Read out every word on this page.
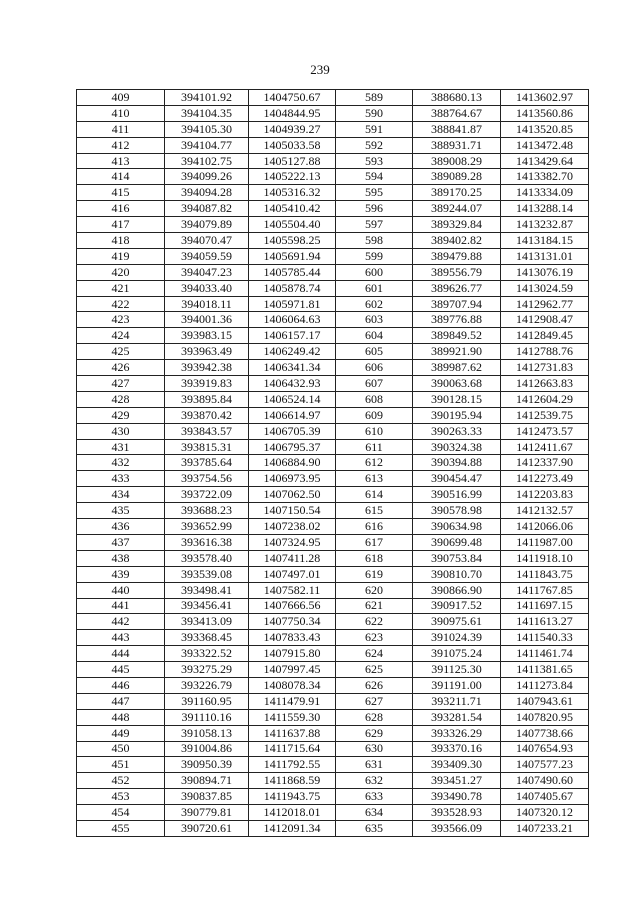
239
409	394101.92	1404750.67	589	388680.13	1413602.97
410	394104.35	1404844.95	590	388764.67	1413560.86
411	394105.30	1404939.27	591	388841.87	1413520.85
412	394104.77	1405033.58	592	388931.71	1413472.48
413	394102.75	1405127.88	593	389008.29	1413429.64
414	394099.26	1405222.13	594	389089.28	1413382.70
415	394094.28	1405316.32	595	389170.25	1413334.09
416	394087.82	1405410.42	596	389244.07	1413288.14
417	394079.89	1405504.40	597	389329.84	1413232.87
418	394070.47	1405598.25	598	389402.82	1413184.15
419	394059.59	1405691.94	599	389479.88	1413131.01
420	394047.23	1405785.44	600	389556.79	1413076.19
421	394033.40	1405878.74	601	389626.77	1413024.59
422	394018.11	1405971.81	602	389707.94	1412962.77
423	394001.36	1406064.63	603	389776.88	1412908.47
424	393983.15	1406157.17	604	389849.52	1412849.45
425	393963.49	1406249.42	605	389921.90	1412788.76
426	393942.38	1406341.34	606	389987.62	1412731.83
427	393919.83	1406432.93	607	390063.68	1412663.83
428	393895.84	1406524.14	608	390128.15	1412604.29
429	393870.42	1406614.97	609	390195.94	1412539.75
430	393843.57	1406705.39	610	390263.33	1412473.57
431	393815.31	1406795.37	611	390324.38	1412411.67
432	393785.64	1406884.90	612	390394.88	1412337.90
433	393754.56	1406973.95	613	390454.47	1412273.49
434	393722.09	1407062.50	614	390516.99	1412203.83
435	393688.23	1407150.54	615	390578.98	1412132.57
436	393652.99	1407238.02	616	390634.98	1412066.06
437	393616.38	1407324.95	617	390699.48	1411987.00
438	393578.40	1407411.28	618	390753.84	1411918.10
439	393539.08	1407497.01	619	390810.70	1411843.75
440	393498.41	1407582.11	620	390866.90	1411767.85
441	393456.41	1407666.56	621	390917.52	1411697.15
442	393413.09	1407750.34	622	390975.61	1411613.27
443	393368.45	1407833.43	623	391024.39	1411540.33
444	393322.52	1407915.80	624	391075.24	1411461.74
445	393275.29	1407997.45	625	391125.30	1411381.65
446	393226.79	1408078.34	626	391191.00	1411273.84
447	391160.95	1411479.91	627	393211.71	1407943.61
448	391110.16	1411559.30	628	393281.54	1407820.95
449	391058.13	1411637.88	629	393326.29	1407738.66
450	391004.86	1411715.64	630	393370.16	1407654.93
451	390950.39	1411792.55	631	393409.30	1407577.23
452	390894.71	1411868.59	632	393451.27	1407490.60
453	390837.85	1411943.75	633	393490.78	1407405.67
454	390779.81	1412018.01	634	393528.93	1407320.12
455	390720.61	1412091.34	635	393566.09	1407233.21
